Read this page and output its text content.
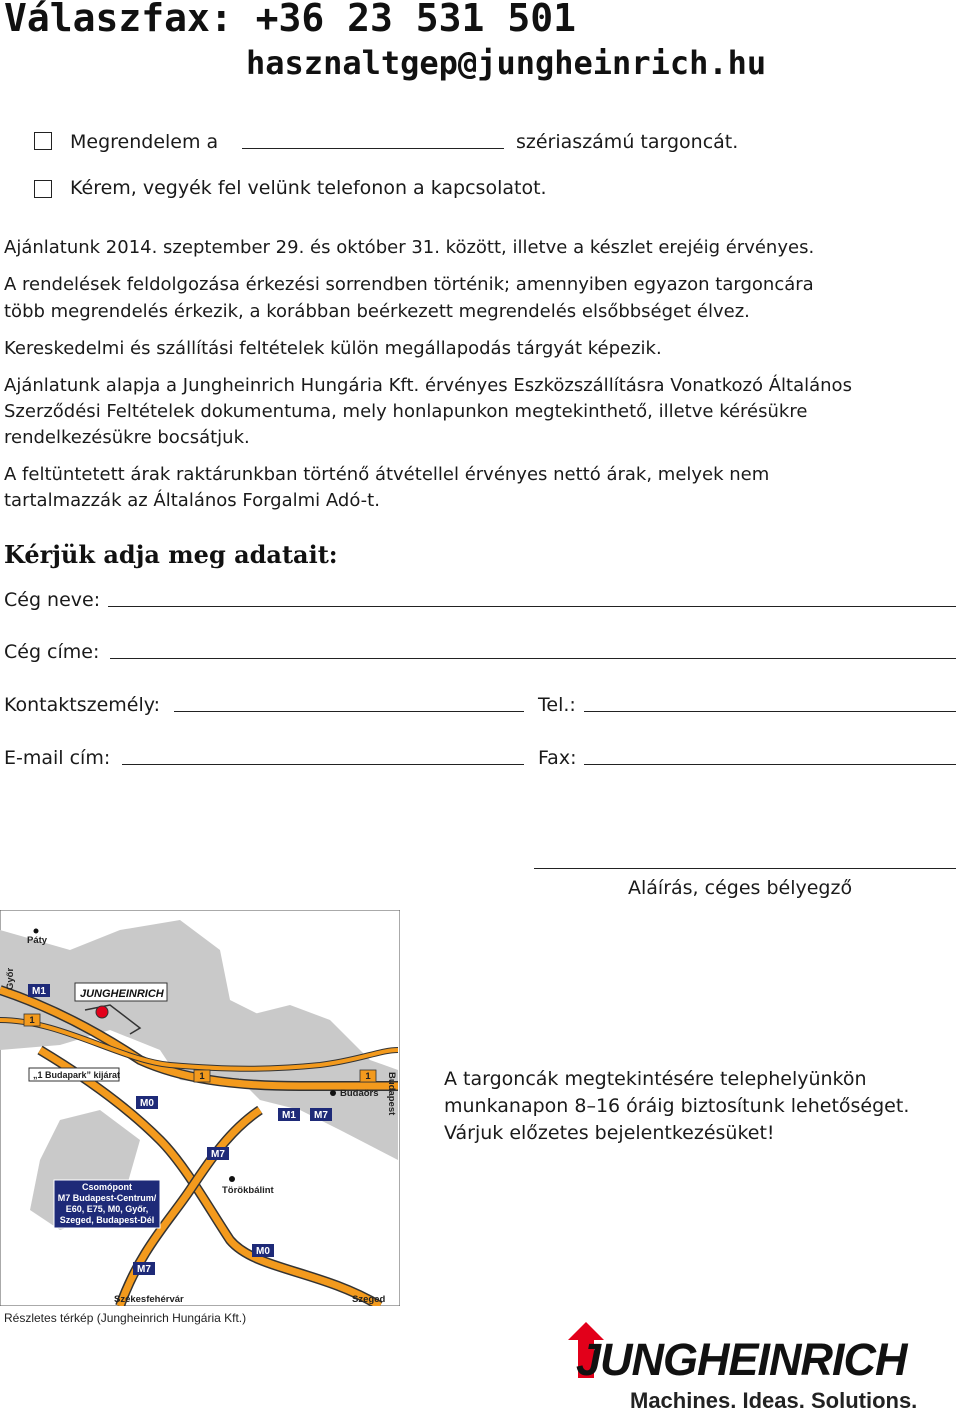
Válaszfax: +36 23 531 501
hasznaltgep@jungheinrich.hu
Megrendelem a	szériaszámú targoncát.
Kérem, vegyék fel velünk telefonon a kapcsolatot.
Ajánlatunk 2014. szeptember 29. és október 31. között, illetve a készlet erejéig érvényes.
A rendelések feldolgozása érkezési sorrendben történik; amennyiben egyazon targoncára
több megrendelés érkezik, a korábban beérkezett megrendelés elsőbbséget élvez.
Kereskedelmi és szállítási feltételek külön megállapodás tárgyát képezik.
Ajánlatunk alapja a Jungheinrich Hungária Kft. érvényes Eszközszállításra Vonatkozó Általános
Szerződési Feltételek dokumentuma, mely honlapunkon megtekinthető, illetve kérésükre
rendelkezésükre bocsátjuk.
A feltüntetett árak raktárunkban történő átvétellel érvényes nettó árak, melyek nem
tartalmazzák az Általános Forgalmi Adó-t.
Kérjük adja meg adatait:
Cég neve:
Cég címe:
Kontaktszemély:	Tel.:
E-mail cím:	Fax:
Aláírás, céges bélyegző
JUNGHEINRICH
Páty
Győr
Budaörs Budapest
Törökbálint
Székesfehérvár	Szeged
„1 Budapark” kijárat
Csomópont
M7 Budapest-Centrum/
E60, E75, M0, Győr,
Szeged, Budapest-Dél
M1
1
M0
1	1
M1 M7
M7
M0
M7
Részletes térkép (Jungheinrich Hungária Kft.)
A targoncák megtekintésére telephelyünkön
munkanapon 8–16 óráig biztosítunk lehetőséget.
Várjuk előzetes bejelentkezésüket!
JUNGHEINRICH
Machines. Ideas. Solutions.
